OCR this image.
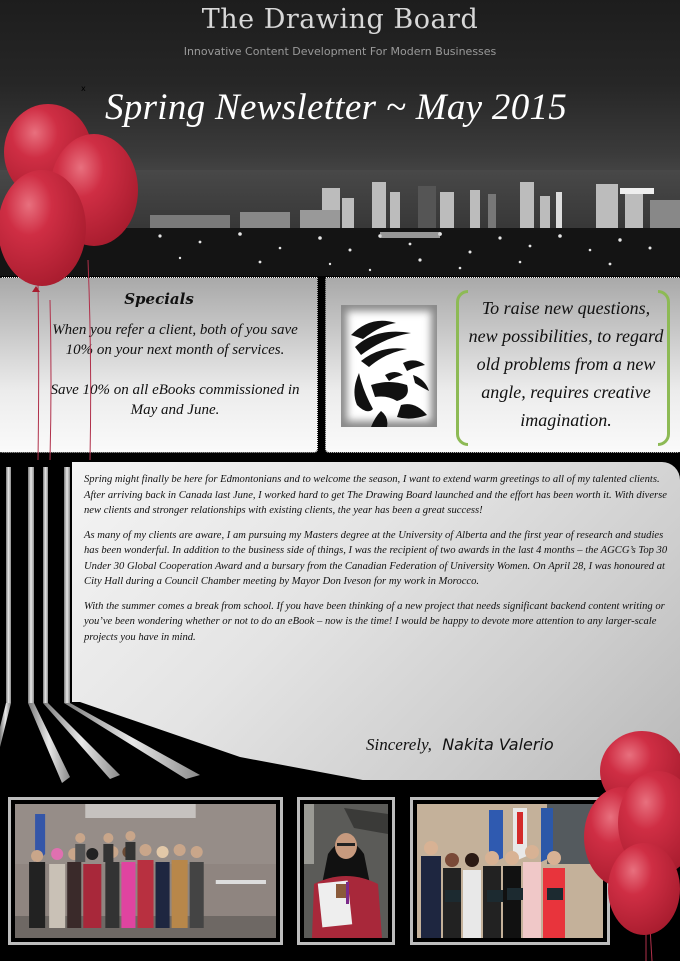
The Drawing Board
Innovative Content Development For Modern Businesses
x Spring Newsletter ~ May 2015
Specials

When you refer a client, both of you save 10% on your next month of services.

Save 10% on all eBooks commissioned in May and June.

To raise new questions, new possibilities, to regard old problems from a new angle, requires creative imagination.

Spring might finally be here for Edmontonians and to welcome the season, I want to extend warm greetings to all of my talented clients. After arriving back in Canada last June, I worked hard to get The Drawing Board launched and the effort has been worth it. With diverse new clients and stronger relationships with existing clients, the year has been a great success!

As many of my clients are aware, I am pursuing my Masters degree at the University of Alberta and the first year of research and studies has been wonderful. In addition to the business side of things, I was the recipient of two awards in the last 4 months – the AGCG’s Top 30 Under 30 Global Cooperation Award and a bursary from the Canadian Federation of University Women. On April 28, I was honoured at City Hall during a Council Chamber meeting by Mayor Don Iveson for my work in Morocco.

With the summer comes a break from school. If you have been thinking of a new project that needs significant backend content writing or you’ve been wondering whether or not to do an eBook – now is the time! I would be happy to devote more attention to any larger-scale projects you have in mind.

Sincerely, Nakita Valerio
